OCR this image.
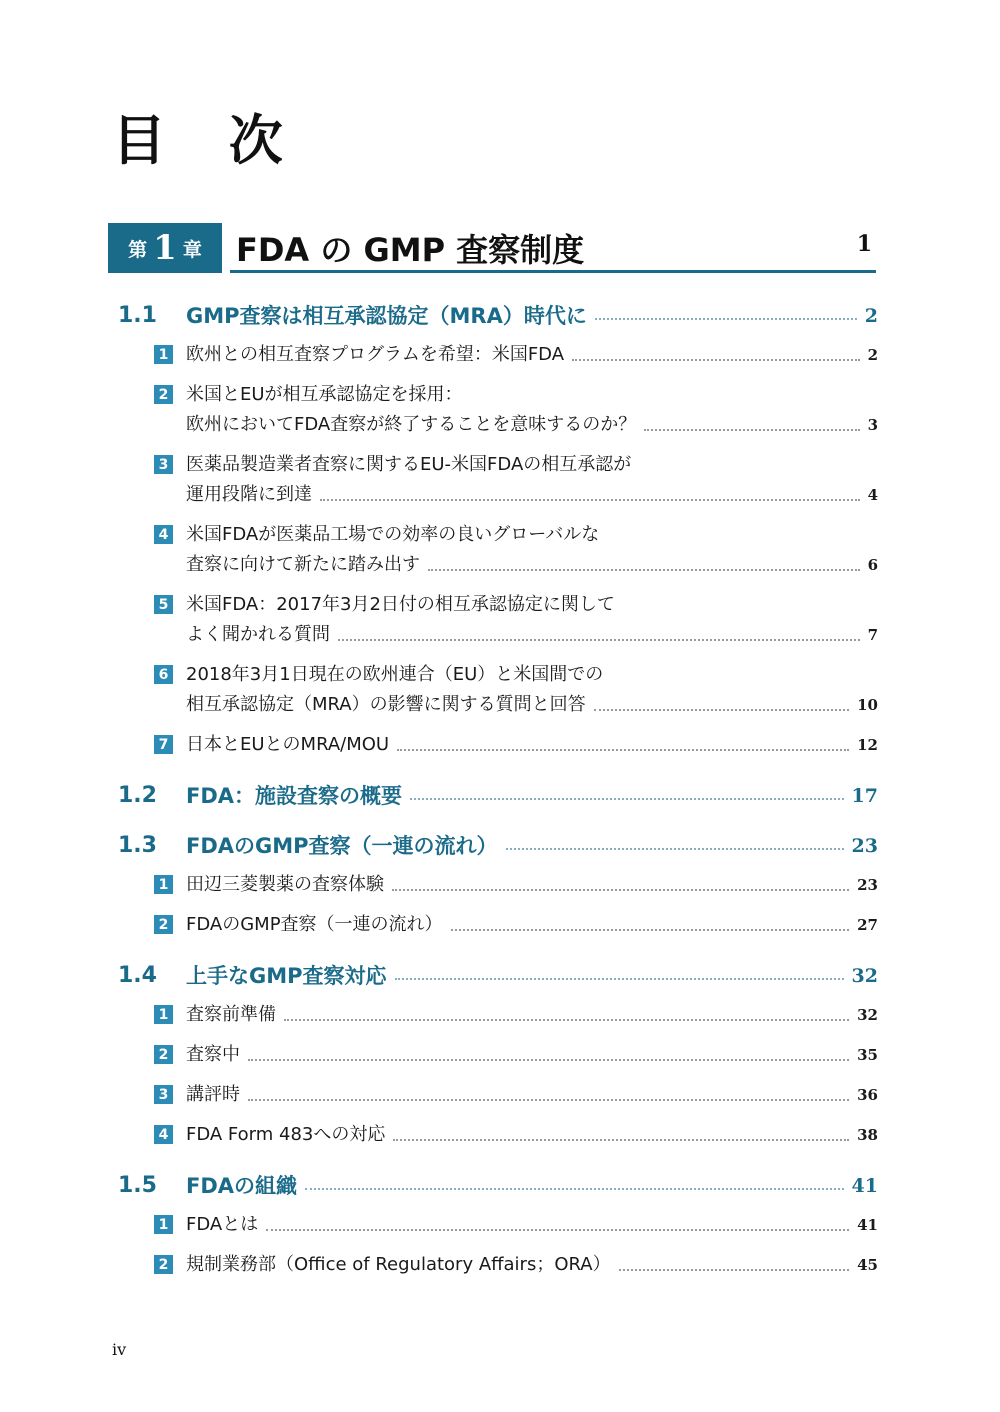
目 次
第 1 章 FDA の GMP 査察制度	1
1.1	GMP査察は相互承認協定（MRA）時代に	2
1 欧州との相互査察プログラムを希望：米国FDA	2
2 米国とEUが相互承認協定を採用：
欧州においてFDA査察が終了することを意味するのか？	3
3 医薬品製造業者査察に関するEU-米国FDAの相互承認が
運用段階に到達	4
4 米国FDAが医薬品工場での効率の良いグローバルな
査察に向けて新たに踏み出す	6
5 米国FDA：2017年3月2日付の相互承認協定に関して
よく聞かれる質問	7
6 2018年3月1日現在の欧州連合（EU）と米国間での
相互承認協定（MRA）の影響に関する質問と回答	10
7 日本とEUとのMRA/MOU	12
1.2	FDA：施設査察の概要	17
1.3	FDAのGMP査察（一連の流れ）	23
1 田辺三菱製薬の査察体験	23
2 FDAのGMP査察（一連の流れ）	27
1.4	上手なGMP査察対応	32
1 査察前準備	32
2 査察中	35
3 講評時	36
4 FDA Form 483への対応	38
1.5	FDAの組織	41
1 FDAとは	41
2 規制業務部（Office of Regulatory Affairs；ORA）	45
iv
